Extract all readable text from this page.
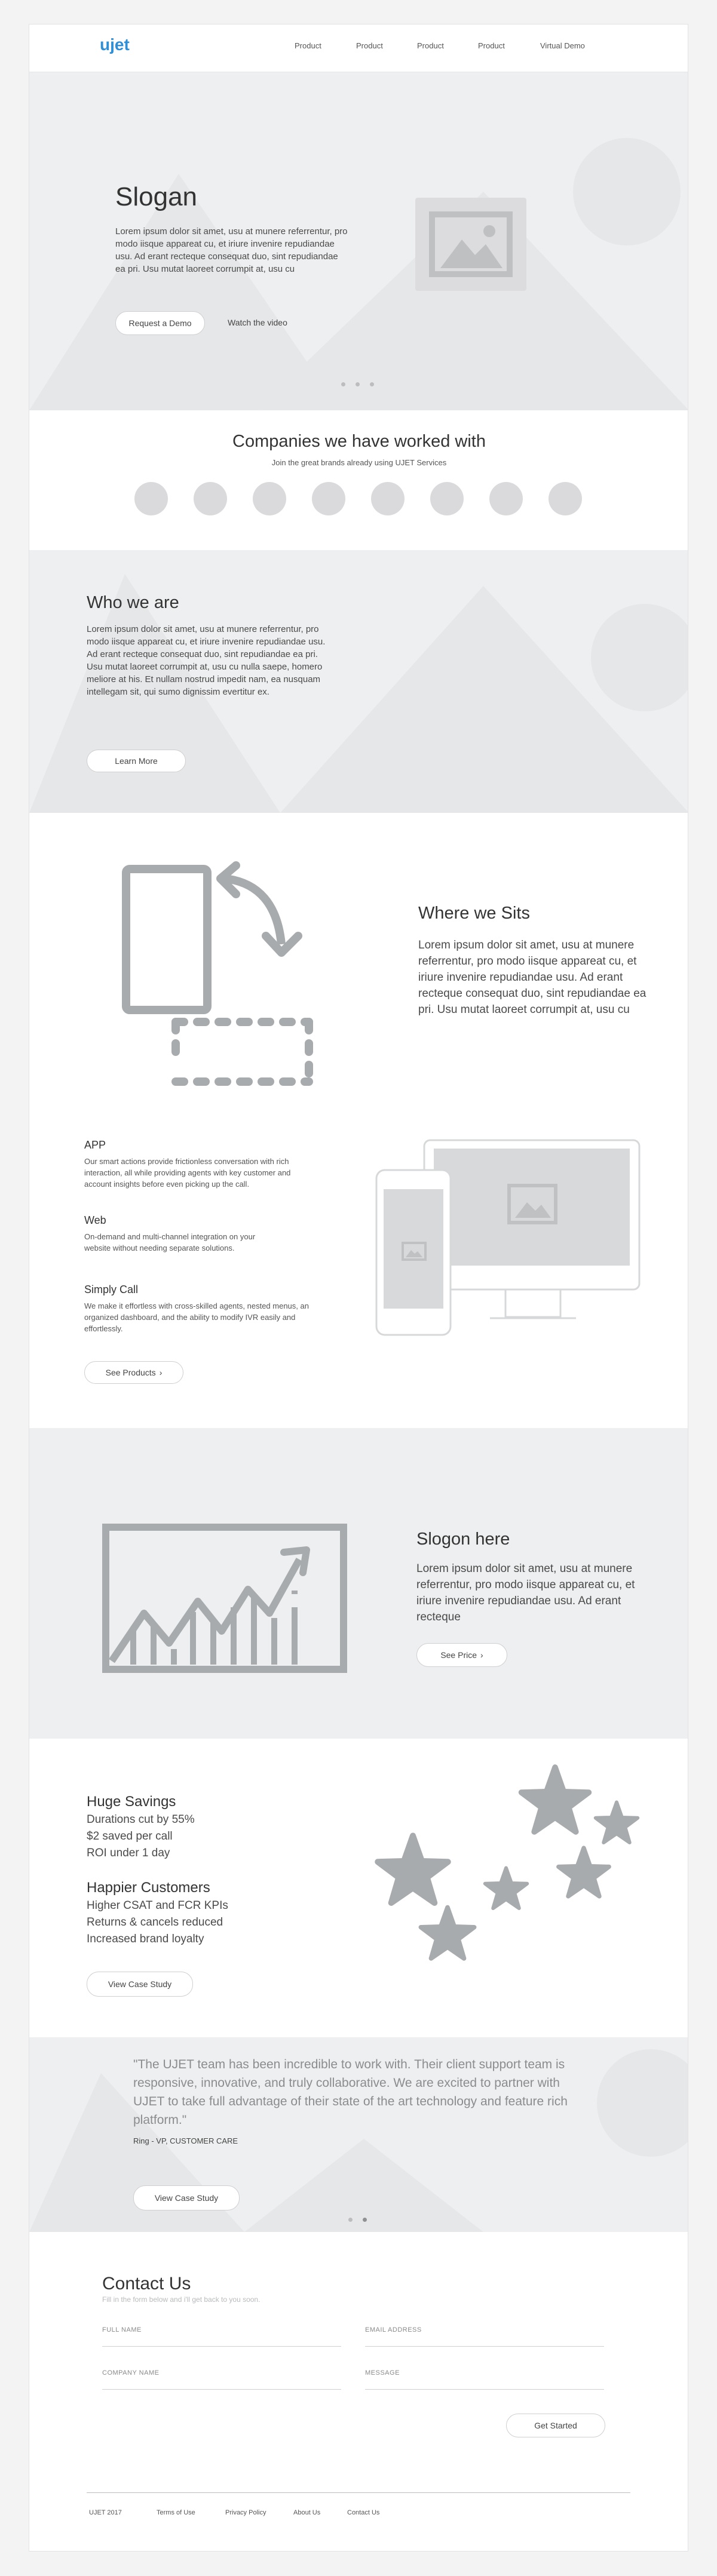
ujet	Product	Product	Product	Product	Virtual Demo
Slogan
Lorem ipsum dolor sit amet, usu at munere referrentur, pro modo iisque appareat cu, et iriure invenire repudiandae usu. Ad erant recteque consequat duo, sint repudiandae ea pri. Usu mutat laoreet corrumpit at, usu cu
Request a Demo	Watch the video
Companies we have worked with
Join the great brands already using UJET Services
Who we are
Lorem ipsum dolor sit amet, usu at munere referrentur, pro modo iisque appareat cu, et iriure invenire repudiandae usu. Ad erant recteque consequat duo, sint repudiandae ea pri. Usu mutat laoreet corrumpit at, usu cu nulla saepe, homero meliore at his. Et nullam nostrud impedit nam, ea nusquam intellegam sit, qui sumo dignissim evertitur ex.
Learn More
Where we Sits
Lorem ipsum dolor sit amet, usu at munere referrentur, pro modo iisque appareat cu, et iriure invenire repudiandae usu. Ad erant recteque consequat duo, sint repudiandae ea pri. Usu mutat laoreet corrumpit at, usu cu
APP
Our smart actions provide frictionless conversation with rich interaction, all while providing agents with key customer and account insights before even picking up the call.
Web
On-demand and multi-channel integration on your website without needing separate solutions.
Simply Call
We make it effortless with cross-skilled agents, nested menus, an organized dashboard, and the ability to modify IVR easily and effortlessly.
See Products ›
Slogon here
Lorem ipsum dolor sit amet, usu at munere referrentur, pro modo iisque appareat cu, et iriure invenire repudiandae usu. Ad erant recteque
See Price ›
Huge Savings
Durations cut by 55%
$2 saved per call
ROI under 1 day
Happier Customers
Higher CSAT and FCR KPIs
Returns & cancels reduced
Increased brand loyalty
View Case Study
"The UJET team has been incredible to work with. Their client support team is responsive, innovative, and truly collaborative. We are excited to partner with UJET to take full advantage of their state of the art technology and feature rich platform."
Ring - VP, CUSTOMER CARE
View Case Study
Contact Us
Fill in the form below and i'll get back to you soon.
FULL NAME	EMAIL ADDRESS
COMPANY NAME	MESSAGE
Get Started
UJET 2017	Terms of Use	Privacy Policy	About Us	Contact Us
